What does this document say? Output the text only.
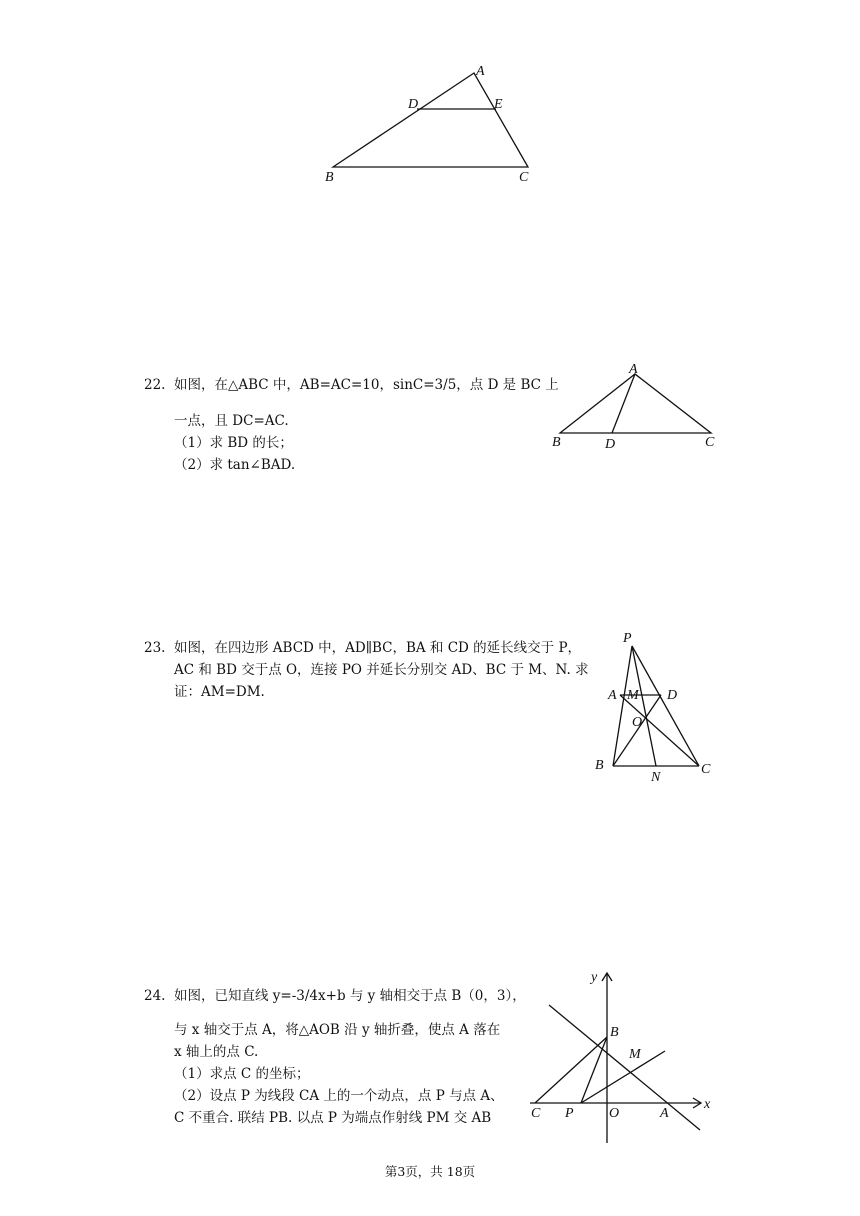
A
D	E
B	C
22. 如图，在△ABC 中，AB=AC=10，sinC=3/5，点 D 是 BC 上
一点，且 DC=AC.
（1）求 BD 的长；
（2）求 tan∠BAD.
A
B	D	C
23. 如图，在四边形 ABCD 中，AD∥BC，BA 和 CD 的延长线交于 P，
AC 和 BD 交于点 O，连接 PO 并延长分别交 AD、BC 于 M、N. 求
证：AM=DM.
P
A M D
O
B
N
C
24. 如图，已知直线 y=-3/4x+b 与 y 轴相交于点 B（0，3），
与 x 轴交于点 A，将△AOB 沿 y 轴折叠，使点 A 落在
x 轴上的点 C.
（1）求点 C 的坐标；
（2）设点 P 为线段 CA 上的一个动点，点 P 与点 A、
C 不重合. 联结 PB. 以点 P 为端点作射线 PM 交 AB
y
x
B
M
C P	O	A
第3页，共 18页
